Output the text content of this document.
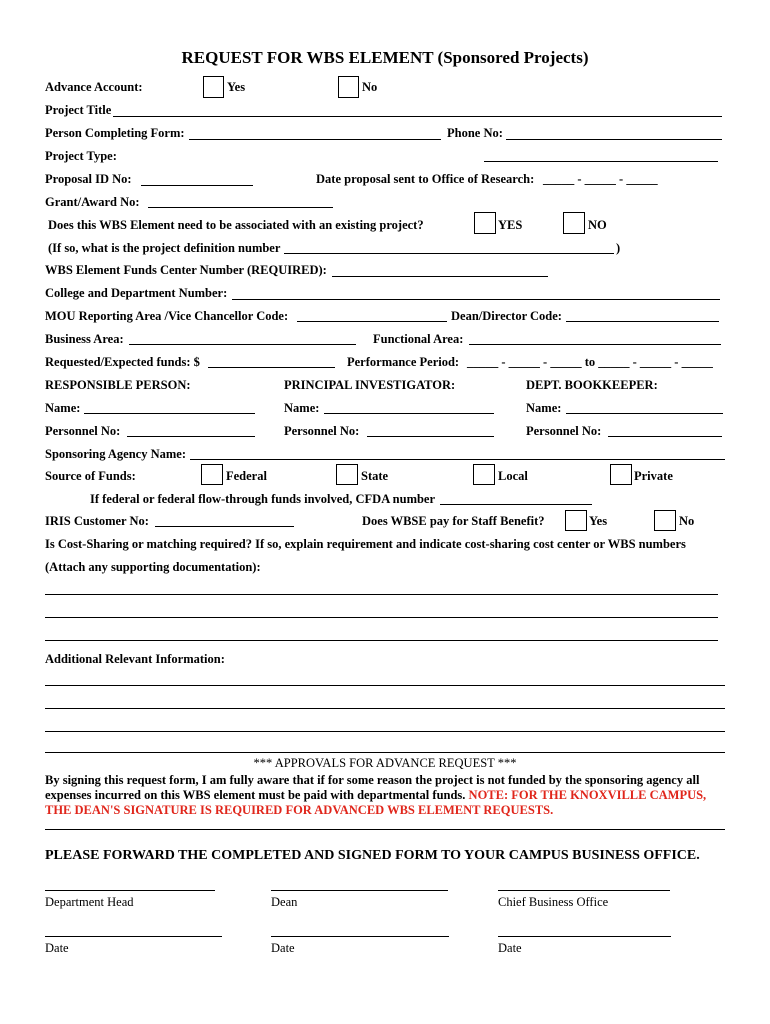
REQUEST FOR WBS ELEMENT (Sponsored Projects)
Advance Account:	Yes	No
Project Title
Person Completing Form:	Phone No:
Project Type:
Proposal ID No:	Date proposal sent to Office of Research: _____ - _____ - _____
Grant/Award No:
Does this WBS Element need to be associated with an existing project?	YES	NO
(If so, what is the project definition number	)
WBS Element Funds Center Number (REQUIRED):
College and Department Number:
MOU Reporting Area /Vice Chancellor Code:	Dean/Director Code:
Business Area:	Functional Area:
Requested/Expected funds: $	Performance Period: _____ - _____ - _____ to _____ - _____ - _____
RESPONSIBLE PERSON:	PRINCIPAL INVESTIGATOR:	DEPT. BOOKKEEPER:
Name:	Name:	Name:
Personnel No:	Personnel No:	Personnel No:
Sponsoring Agency Name:
Source of Funds:	Federal	State	Local	Private
If federal or federal flow-through funds involved, CFDA number
IRIS Customer No:	Does WBSE pay for Staff Benefit?	Yes	No
Is Cost-Sharing or matching required? If so, explain requirement and indicate cost-sharing cost center or WBS numbers
(Attach any supporting documentation):
Additional Relevant Information:
*** APPROVALS FOR ADVANCE REQUEST ***
By signing this request form, I am fully aware that if for some reason the project is not funded by the sponsoring agency all expenses incurred on this WBS element must be paid with departmental funds. NOTE: FOR THE KNOXVILLE CAMPUS, THE DEAN'S SIGNATURE IS REQUIRED FOR ADVANCED WBS ELEMENT REQUESTS.
PLEASE FORWARD THE COMPLETED AND SIGNED FORM TO YOUR CAMPUS BUSINESS OFFICE.
Department Head	Dean	Chief Business Office
Date	Date	Date
